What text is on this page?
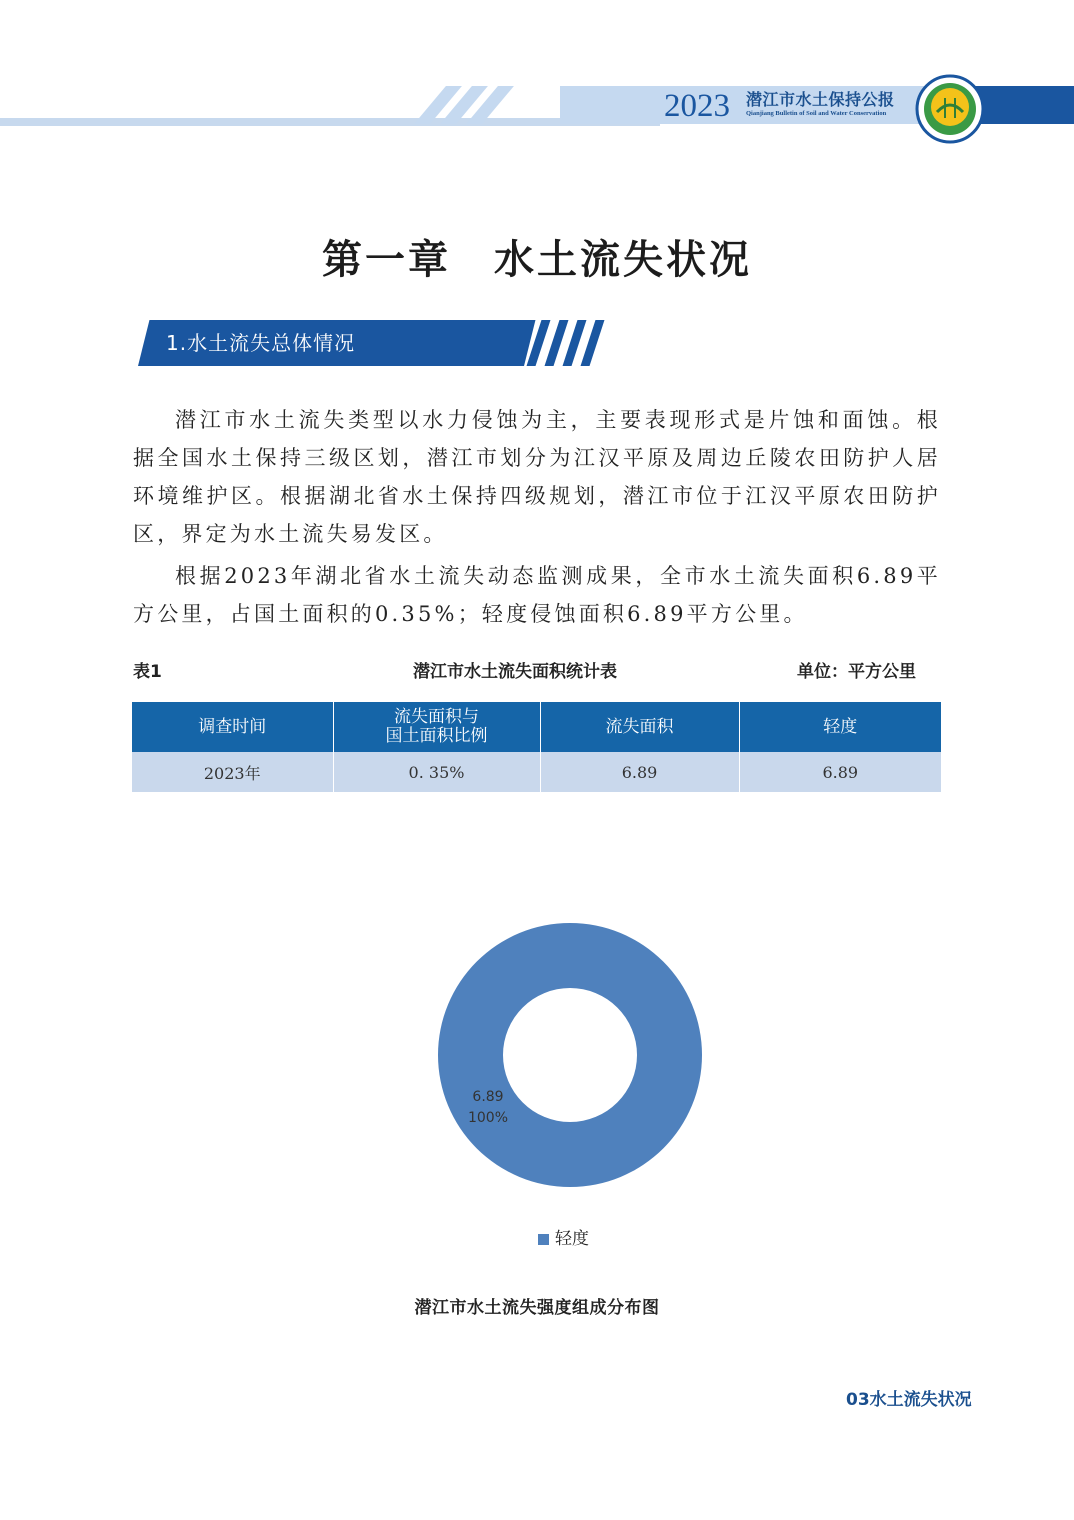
2023 潜江市水土保持公报
Qianjiang Bulletin of Soil and Water Conservation
第一章　水土流失状况
1.水土流失总体情况

潜江市水土流失类型以水力侵蚀为主，主要表现形式是片蚀和面蚀。根据全国水土保持三级区划，潜江市划分为江汉平原及周边丘陵农田防护人居环境维护区。根据湖北省水土保持四级规划，潜江市位于江汉平原农田防护区，界定为水土流失易发区。

根据2023年湖北省水土流失动态监测成果，全市水土流失面积6.89平方公里，占国土面积的0.35%；轻度侵蚀面积6.89平方公里。

表1	潜江市水土流失面积统计表	单位：平方公里
调查时间	流失面积与
国土面积比例	流失面积	轻度
2023年	0. 35%	6.89	6.89
6.89
100%
轻度
潜江市水土流失强度组成分布图
03水土流失状况
